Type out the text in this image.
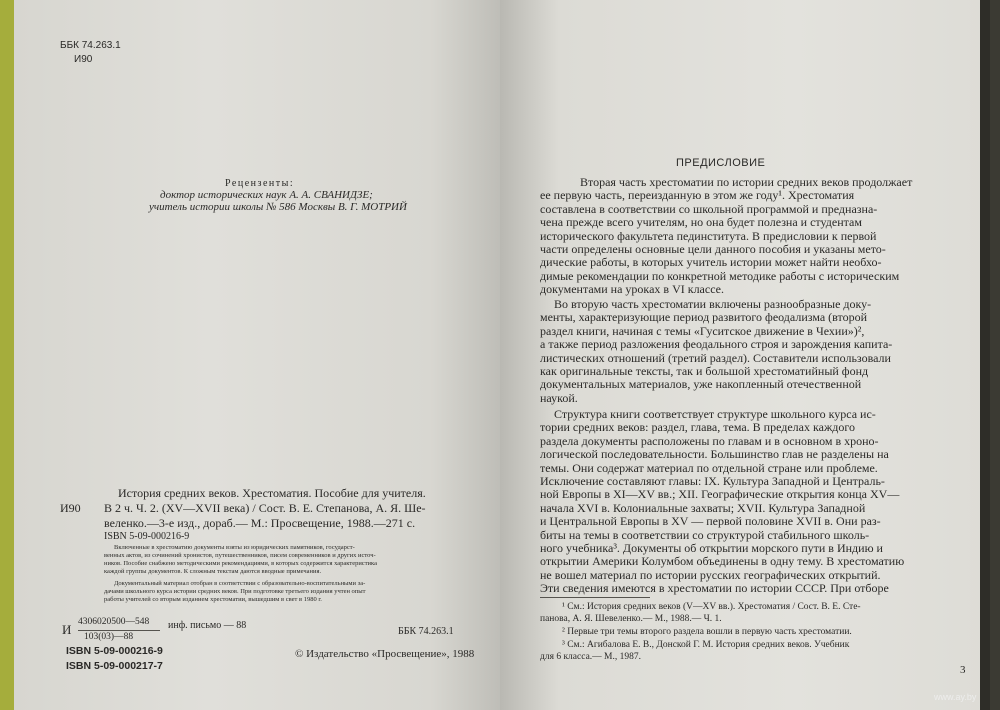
ББК 74.263.1
И90
Рецензенты:
доктор исторических наук А. А. СВАНИДЗЕ;
учитель истории школы № 586 Москвы В. Г. МОТРИЙ
История средних веков. Хрестоматия. Пособие для учителя.
И90 В 2 ч. Ч. 2. (XV—XVII века) / Сост. В. Е. Степанова, А. Я. Ше-
веленко.—3-е изд., дораб.— М.: Просвещение, 1988.—271 с.
ISBN 5-09-000216-9
Включенные в хрестоматию документы взяты из юридических памятников, государст-
венных актов, из сочинений хронистов, путешественников, писем современников и других источ-
ников. Пособие снабжено методическими рекомендациями, в которых содержится характеристика
каждой группы документов. К сложным текстам даются вводные примечания.
Документальный материал отобран в соответствии с образовательно-воспитательными за-
дачами школьного курса истории средних веков. При подготовке третьего издания учтен опыт
работы учителей со вторым изданием хрестоматии, вышедшим в свет в 1980 г.
И 4306020500—548
103(03)—88
инф. письмо — 88
ББК 74.263.1
ISBN 5-09-000216-9
ISBN 5-09-000217-7
© Издательство «Просвещение», 1988
ПРЕДИСЛОВИЕ

Вторая часть хрестоматии по истории средних веков продолжает

ее первую часть, переизданную в этом же году¹. Хрестоматия

составлена в соответствии со школьной программой и предназна-

чена прежде всего учителям, но она будет полезна и студентам

исторического факультета пединститута. В предисловии к первой

части определены основные цели данного пособия и указаны мето-

дические работы, в которых учитель истории может найти необхо-

димые рекомендации по конкретной методике работы с историческим

документами на уроках в VI классе.

Во вторую часть хрестоматии включены разнообразные доку-

менты, характеризующие период развитого феодализма (второй

раздел книги, начиная с темы «Гуситское движение в Чехии»)²,

а также период разложения феодального строя и зарождения капита-

листических отношений (третий раздел). Составители использовали

как оригинальные тексты, так и большой хрестоматийный фонд

документальных материалов, уже накопленный отечественной

наукой.

Структура книги соответствует структуре школьного курса ис-

тории средних веков: раздел, глава, тема. В пределах каждого

раздела документы расположены по главам и в основном в хроно-

логической последовательности. Большинство глав не разделены на

темы. Они содержат материал по отдельной стране или проблеме.

Исключение составляют главы: IX. Культура Западной и Централь-

ной Европы в XI—XV вв.; XII. Географические открытия конца XV—

начала XVI в. Колониальные захваты; XVII. Культура Западной

и Центральной Европы в XV — первой половине XVII в. Они раз-

биты на темы в соответствии со структурой стабильного школь-

ного учебника³. Документы об открытии морского пути в Индию и

открытии Америки Колумбом объединены в одну тему. В хрестоматию

не вошел материал по истории русских географических открытий.

Эти сведения имеются в хрестоматии по истории СССР. При отборе

¹ См.: История средних веков (V—XV вв.). Хрестоматия / Сост. В. Е. Сте-
панова, А. Я. Шевеленко.— М., 1988.— Ч. 1.
² Первые три темы второго раздела вошли в первую часть хрестоматии.
³ См.: Агибалова Е. В., Донской Г. М. История средних веков. Учебник
для 6 класса.— М., 1987.
3
www.ay.by
